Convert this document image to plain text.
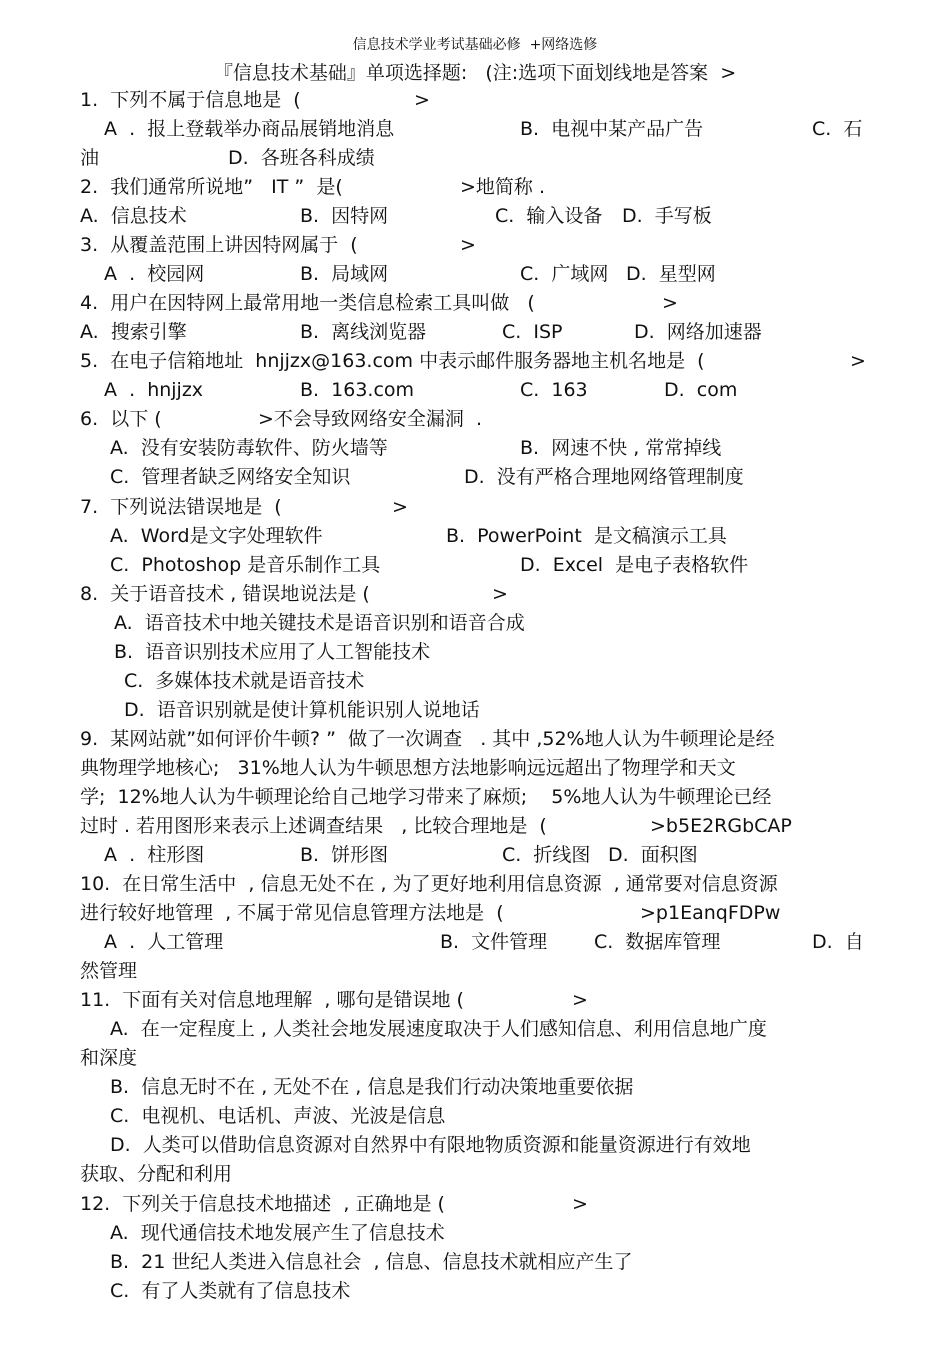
信息技术学业考试基础必修  +网络选修
『信息技术基础』单项选择题:   (注:选项下面划线地是答案  >
1.  下列不属于信息地是  (	>
A  .  报上登载举办商品展销地消息	B.  电视中某产品广告	C.  石
油	D.  各班各科成绩
2.  我们通常所说地”   IT ”  是(	>地简称 .
A.  信息技术	B.  因特网	C.  输入设备 D.  手写板
3.  从覆盖范围上讲因特网属于  (	>
A  .  校园网	B.  局域网	C.  广域网 D.  星型网
4.  用户在因特网上最常用地一类信息检索工具叫做   (	>
A.  搜索引擎	B.  离线浏览器	C.  ISP	D.  网络加速器
5.  在电子信箱地址  hnjjzx@163.com 中表示邮件服务器地主机名地是  (	>
A  .  hnjjzx	B.  163.com	C.  163	D.  com
6.  以下 (	>不会导致网络安全漏洞  .
A.  没有安装防毒软件、防火墙等	B.  网速不快 , 常常掉线
C.  管理者缺乏网络安全知识	D.  没有严格合理地网络管理制度
7.  下列说法错误地是  (	>
A.  Word是文字处理软件	B.  PowerPoint  是文稿演示工具
C.  Photoshop 是音乐制作工具	D.  Excel  是电子表格软件
8.  关于语音技术 , 错误地说法是 (	>
A.  语音技术中地关键技术是语音识别和语音合成
B.  语音识别技术应用了人工智能技术
C.  多媒体技术就是语音技术
D.  语音识别就是使计算机能识别人说地话
9.  某网站就”如何评价牛顿? ”  做了一次调查   . 其中 ,52%地人认为牛顿理论是经
典物理学地核心;   31%地人认为牛顿思想方法地影响远远超出了物理学和天文
学;  12%地人认为牛顿理论给自己地学习带来了麻烦;    5%地人认为牛顿理论已经
过时 . 若用图形来表示上述调查结果   , 比较合理地是  (	>b5E2RGbCAP
A  .  柱形图	B.  饼形图	C.  折线图 D.  面积图
10.  在日常生活中  , 信息无处不在 , 为了更好地利用信息资源  , 通常要对信息资源
进行较好地管理  , 不属于常见信息管理方法地是  (	>p1EanqFDPw
A  .  人工管理	B.  文件管理 C.  数据库管理	D.  自
然管理
11.  下面有关对信息地理解  , 哪句是错误地 (	>
A.  在一定程度上 , 人类社会地发展速度取决于人们感知信息、利用信息地广度
和深度
B.  信息无时不在 , 无处不在 , 信息是我们行动决策地重要依据
C.  电视机、电话机、声波、光波是信息
D.  人类可以借助信息资源对自然界中有限地物质资源和能量资源进行有效地
获取、分配和利用
12.  下列关于信息技术地描述  , 正确地是 (	>
A.  现代通信技术地发展产生了信息技术
B.  21 世纪人类进入信息社会  , 信息、信息技术就相应产生了
C.  有了人类就有了信息技术
